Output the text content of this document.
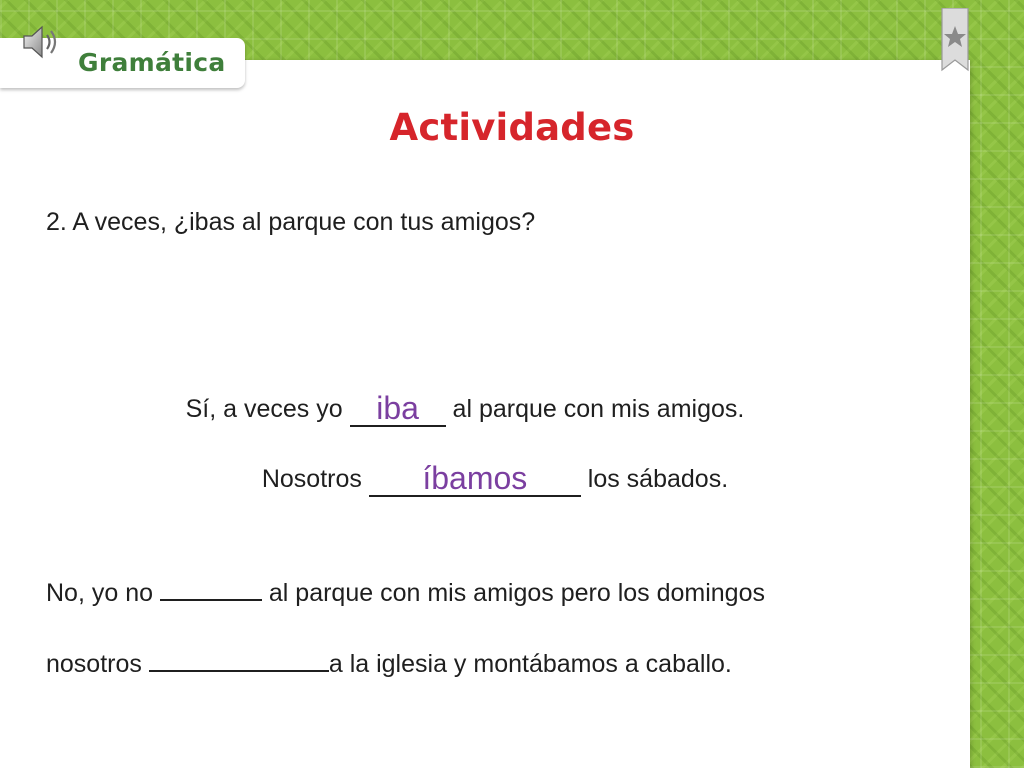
Gramática
Actividades
2. A veces, ¿ibas al parque con tus amigos?
Sí, a veces yo iba al parque con mis amigos.
Nosotros íbamos los sábados.
No, yo no	al parque con mis amigos pero los domingos
nosotros	a la iglesia y montábamos a caballo.
